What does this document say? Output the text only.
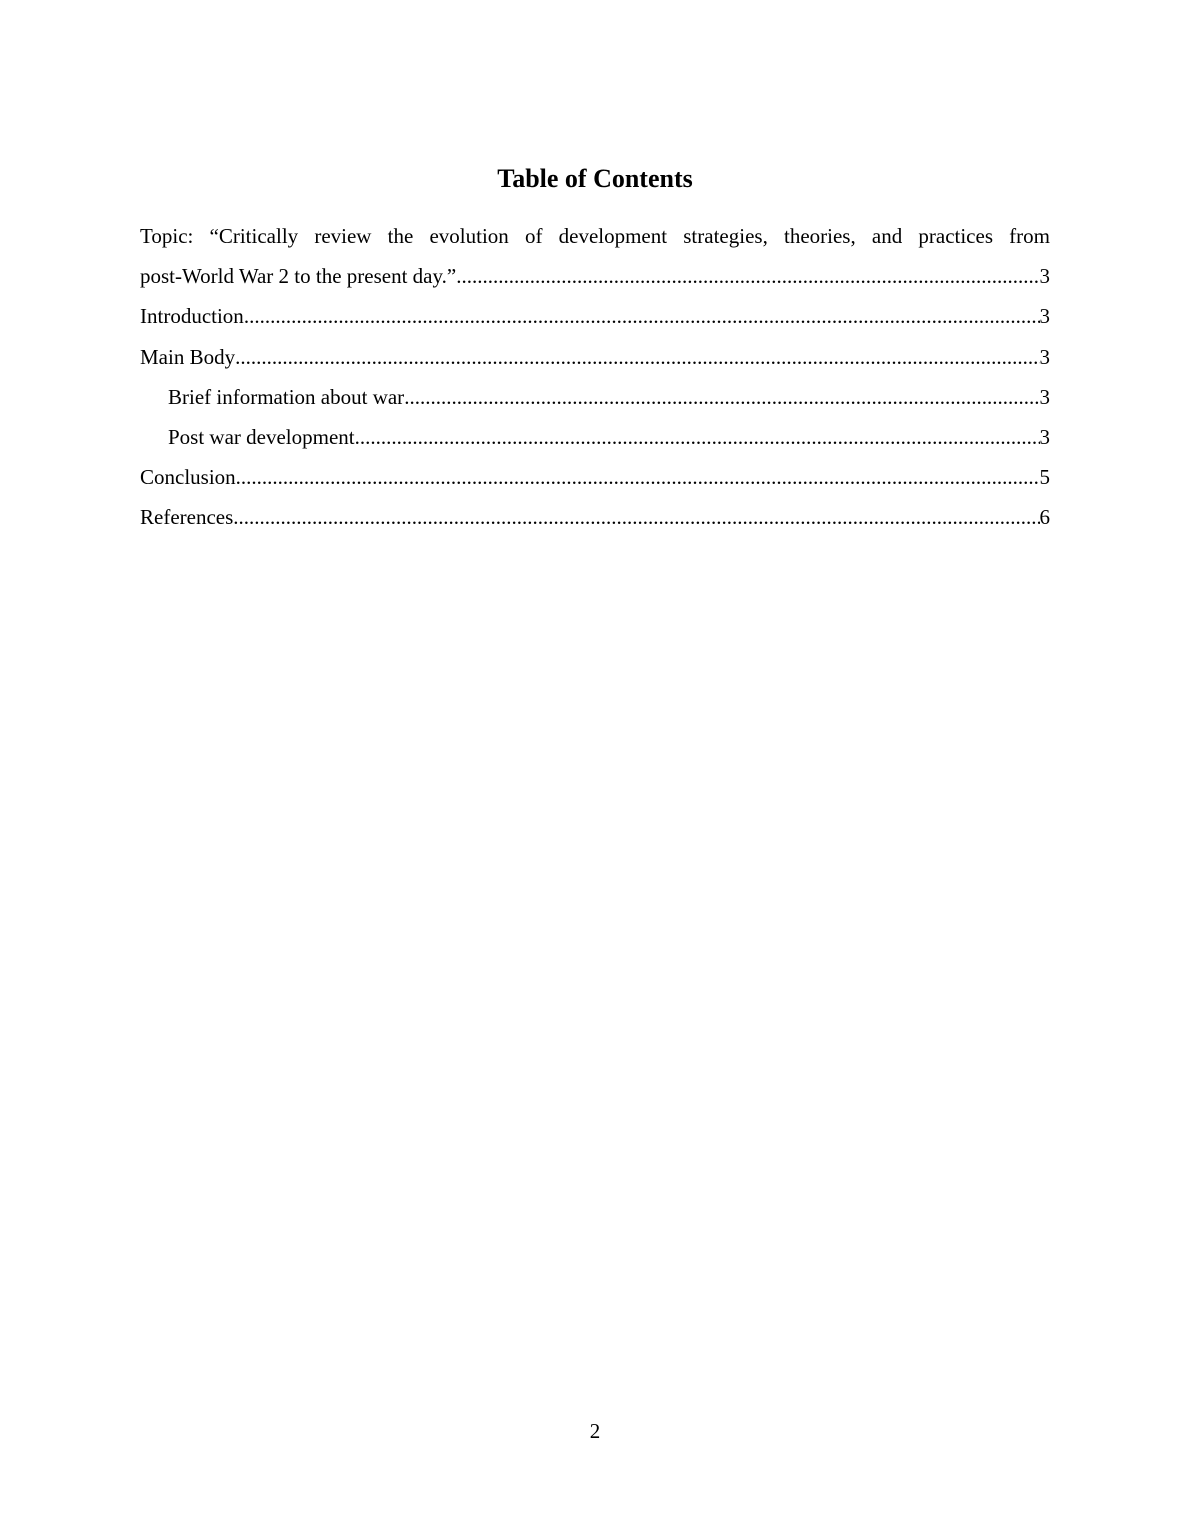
Table of Contents
Topic: “Critically review the evolution of development strategies, theories, and practices from
post-World War 2 to the present day.” .....	3
Introduction .....	3
Main Body .....	3
Brief information about war .....	3
Post war development .....	3
Conclusion .....	5
References .....	6
2
